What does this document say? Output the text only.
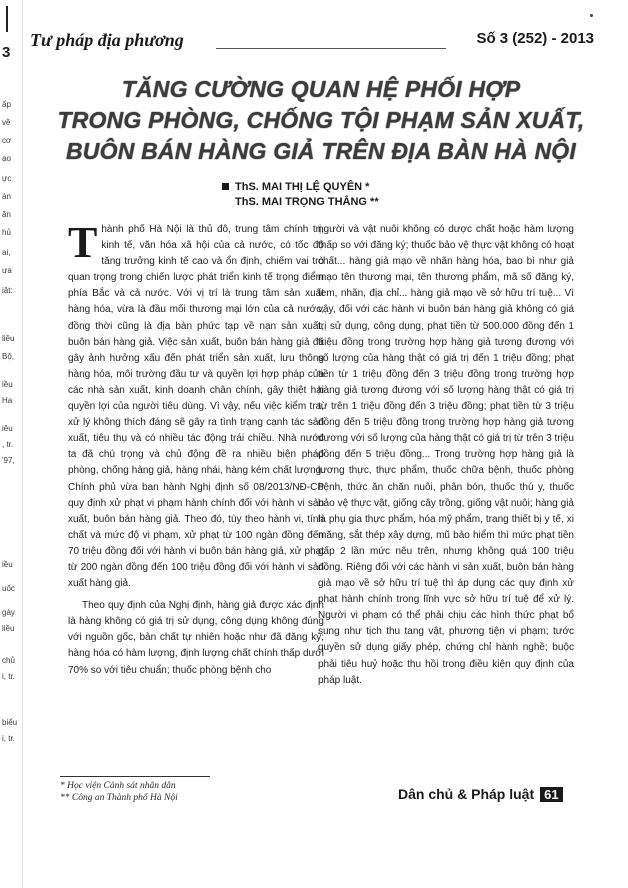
3
ấp
về
cơ
ạo
ực
án
ăn
hủ
ai,
ưa
iật:
liều
Bộ,
iều
Ha
iêu
, tr.
'97,
iều
uốc
gày
liều
chủ
i, tr.
biểu
i, tr.
Tư pháp địa phương	Số 3 (252) - 2013
TĂNG CƯỜNG QUAN HỆ PHỐI HỢP
TRONG PHÒNG, CHỐNG TỘI PHẠM SẢN XUẤT,
BUÔN BÁN HÀNG GIẢ TRÊN ĐỊA BÀN HÀ NỘI
ThS. MAI THỊ LỆ QUYÊN *
ThS. MAI TRỌNG THẮNG **

Thành phố Hà Nội là thủ đô, trung tâm chính trị, kinh tế, văn hóa xã hội của cả nước, có tốc độ tăng trưởng kinh tế cao và ổn định, chiếm vai trò quan trọng trong chiến lược phát triển kinh tế trọng điểm phía Bắc và cả nước. Với vị trí là trung tâm sản xuất hàng hóa, vừa là đầu mối thương mại lớn của cả nước, đồng thời cũng là địa bàn phức tạp về nạn sản xuất, buôn bán hàng giả. Việc sản xuất, buôn bán hàng giả đã gây ảnh hưởng xấu đến phát triển sản xuất, lưu thông hàng hóa, môi trường đầu tư và quyền lợi hợp pháp của các nhà sản xuất, kinh doanh chân chính, gây thiệt hại quyền lợi của người tiêu dùng. Vì vậy, nếu việc kiểm tra, xử lý không thích đáng sẽ gây ra tình trạng cạnh tác sản xuất, tiêu thụ và có nhiều tác động trái chiều. Nhà nước ta đã chú trọng và chủ động đề ra nhiều biện pháp phòng, chống hàng giả, hàng nhái, hàng kém chất lượng. Chính phủ vừa ban hành Nghị định số 08/2013/NĐ-CP quy định xử phạt vi phạm hành chính đối với hành vi sản xuất, buôn bán hàng giả. Theo đó, tùy theo hành vi, tính chất và mức độ vi phạm, xử phạt từ 100 ngàn đồng đến 70 triệu đồng đối với hành vi buôn bán hàng giả, xử phạt từ 200 ngàn đồng đến 100 triệu đồng đối với hành vi sản xuất hàng giả.

Theo quy định của Nghị định, hàng giả được xác định là hàng không có giá trị sử dụng, công dụng không đúng với nguồn gốc, bản chất tự nhiên hoặc như đã đăng ký; hàng hóa có hàm lượng, định lượng chất chính thấp dưới 70% so với tiêu chuẩn; thuốc phòng bệnh cho

người và vật nuôi không có dược chất hoặc hàm lượng thấp so với đăng ký; thuốc bảo vệ thực vật không có hoạt chất... hàng giả mạo về nhãn hàng hóa, bao bì như giả mạo tên thương mại, tên thương phẩm, mã số đăng ký, tem, nhãn, địa chỉ... hàng giả mạo về sở hữu trí tuệ... Vì vậy, đối với các hành vi buôn bán hàng giả không có giá trị sử dụng, công dụng, phạt tiền từ 500.000 đồng đến 1 triệu đồng trong trường hợp hàng giả tương đương với số lượng của hàng thật có giá trị đến 1 triệu đồng; phạt tiền từ 1 triệu đồng đến 3 triệu đồng trong trường hợp hàng giả tương đương với số lượng hàng thật có giá trị từ trên 1 triệu đồng đến 3 triệu đồng; phạt tiền từ 3 triệu đồng đến 5 triệu đồng trong trường hợp hàng giả tương đương với số lượng của hàng thật có giá trị từ trên 3 triệu đồng đến 5 triệu đồng... Trong trường hợp hàng giả là lương thực, thực phẩm, thuốc chữa bệnh, thuốc phòng bệnh, thức ăn chăn nuôi, phân bón, thuốc thú y, thuốc bảo vệ thực vật, giống cây trồng, giống vật nuôi; hàng giả là phụ gia thực phẩm, hóa mỹ phẩm, trang thiết bị y tế, xi măng, sắt thép xây dựng, mũ bảo hiểm thì mức phạt tiền gấp 2 lần mức nêu trên, nhưng không quá 100 triệu đồng. Riêng đối với các hành vi sản xuất, buôn bán hàng giả mạo về sở hữu trí tuệ thì áp dụng các quy định xử phạt hành chính trong lĩnh vực sở hữu trí tuệ để xử lý. Người vi phạm có thể phải chịu các hình thức phạt bổ sung như tịch thu tang vật, phương tiện vi phạm; tước quyền sử dụng giấy phép, chứng chỉ hành nghề; buộc phải tiêu huỷ hoặc thu hồi trong điều kiện quy định của pháp luật.

* Học viện Cảnh sát nhân dân
** Công an Thành phố Hà Nội	Dân chủ & Pháp luật 61
